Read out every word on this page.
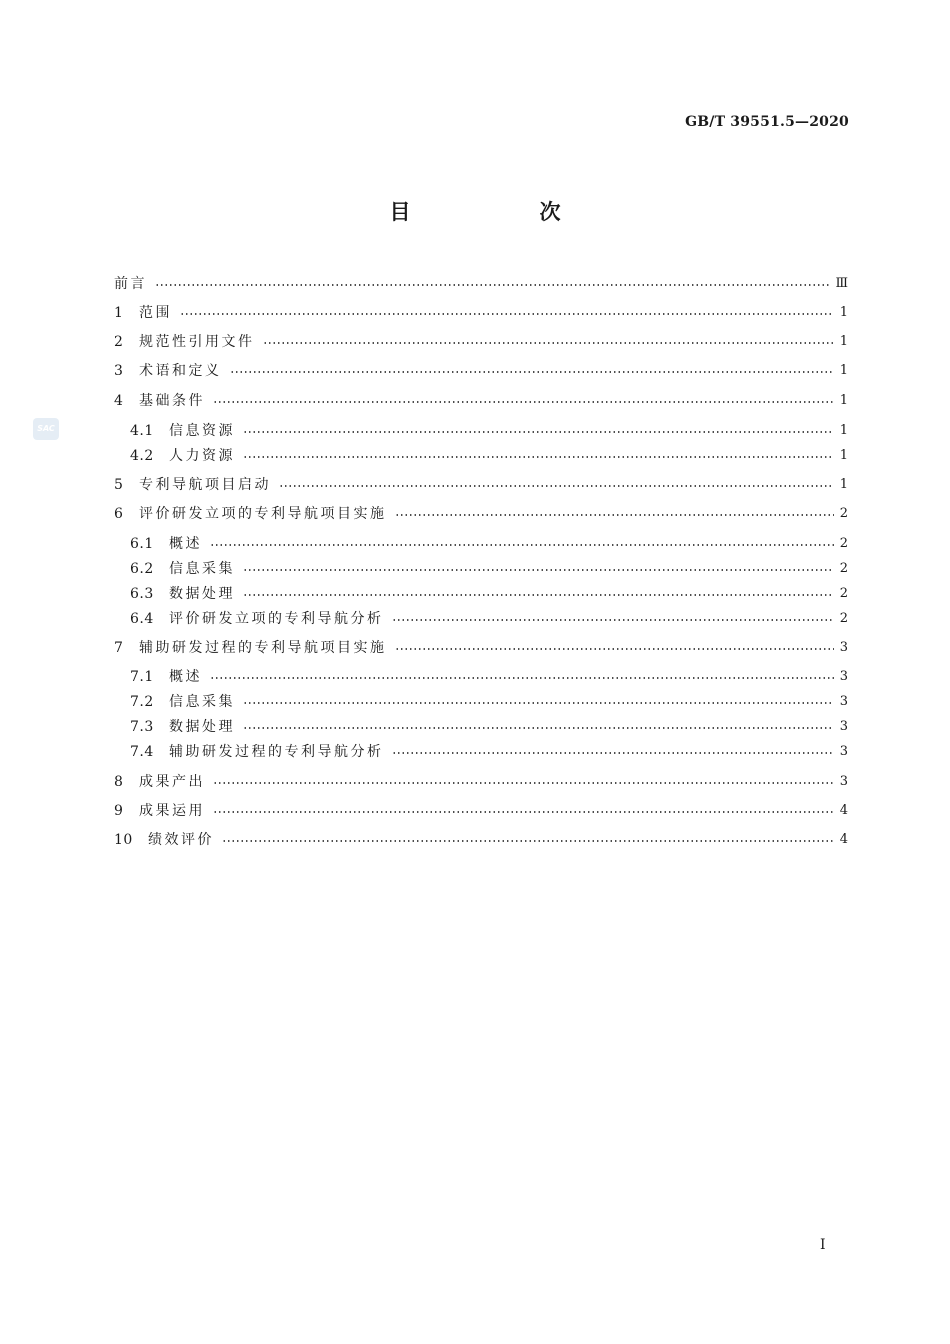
GB/T 39551.5—2020
目　次
SAC
前言	Ⅲ
1	范围	1
2	规范性引用文件	1
3	术语和定义	1
4	基础条件	1
4.1	信息资源	1
4.2	人力资源	1
5	专利导航项目启动	1
6	评价研发立项的专利导航项目实施	2
6.1	概述	2
6.2	信息采集	2
6.3	数据处理	2
6.4	评价研发立项的专利导航分析	2
7	辅助研发过程的专利导航项目实施	3
7.1	概述	3
7.2	信息采集	3
7.3	数据处理	3
7.4	辅助研发过程的专利导航分析	3
8	成果产出	3
9	成果运用	4
10	绩效评价	4
Ⅰ
